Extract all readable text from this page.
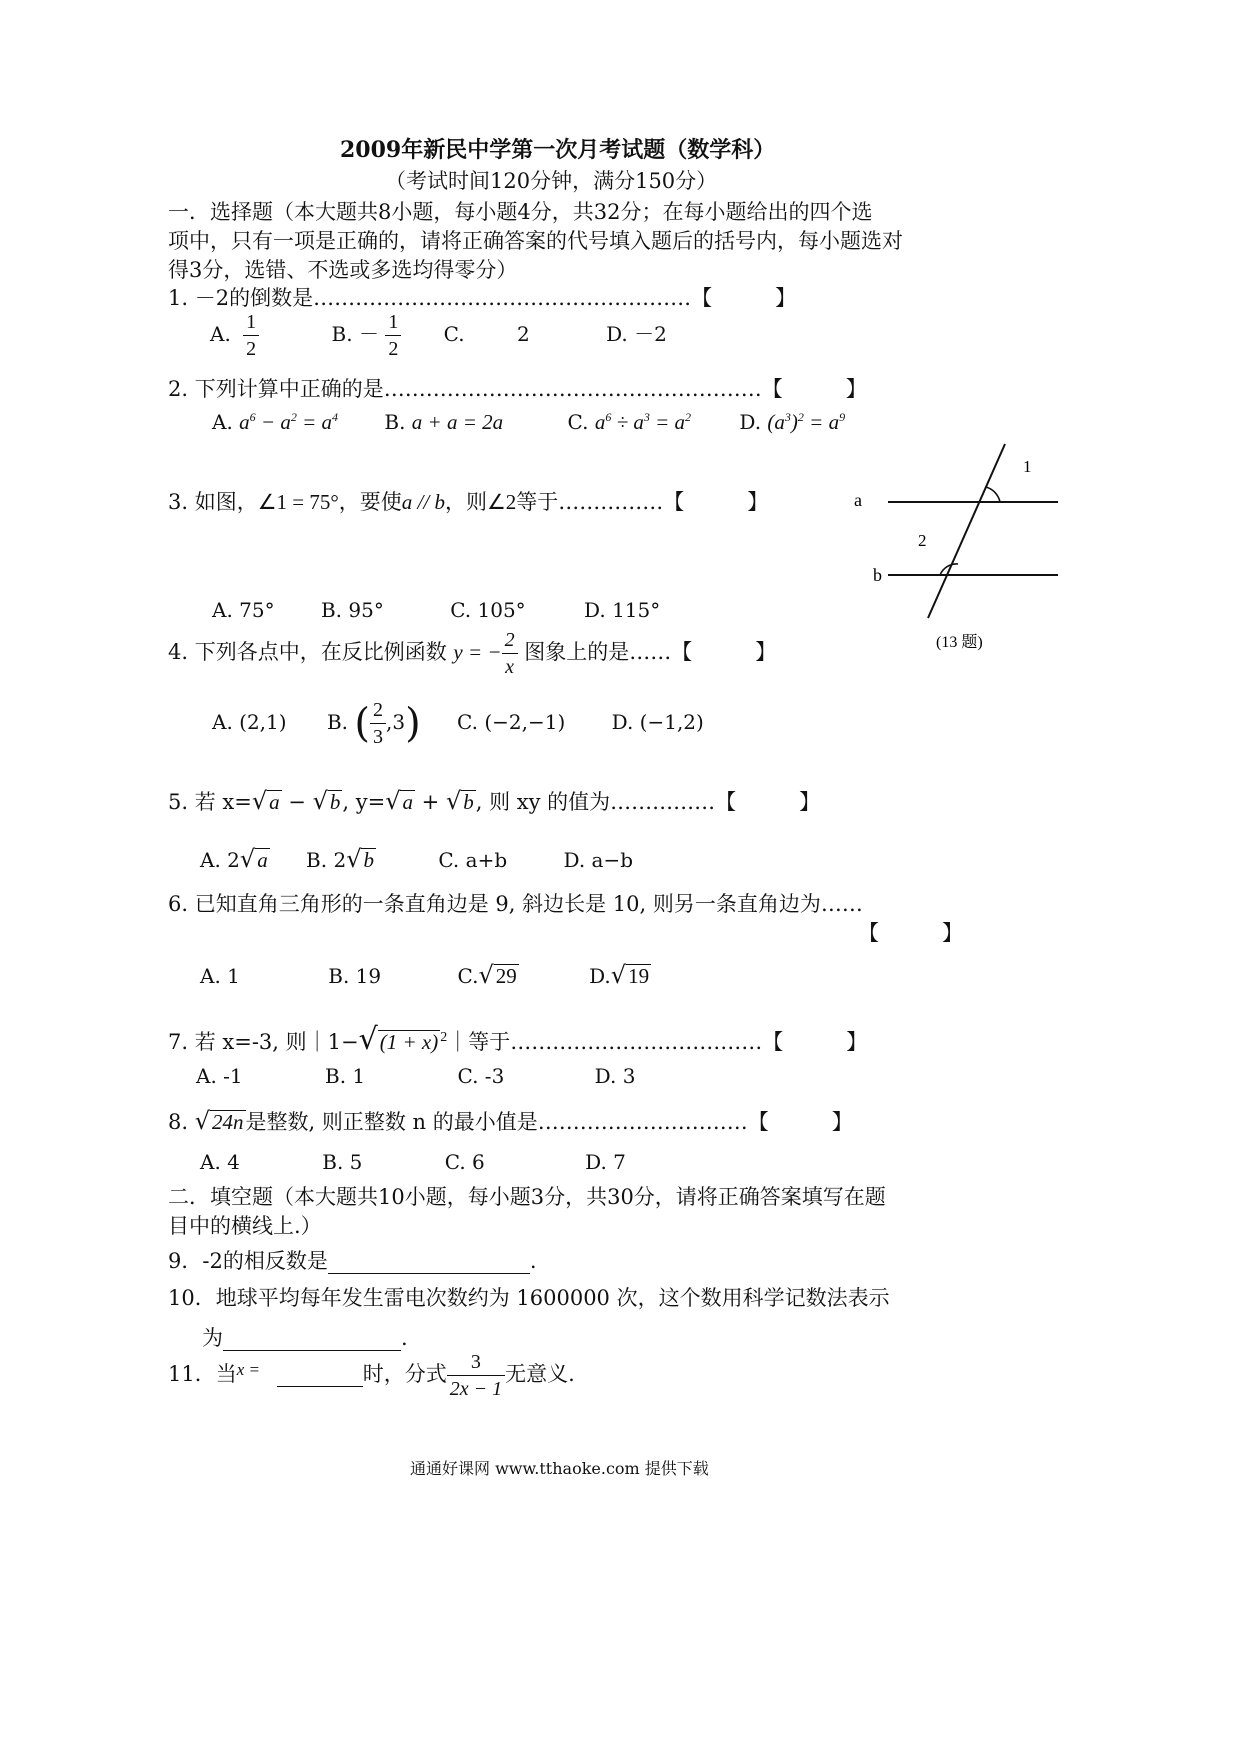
2009年新民中学第一次月考试题（数学科）
（考试时间120分钟，满分150分）
一．选择题（本大题共8小题，每小题4分，共32分；在每小题给出的四个选
项中，只有一项是正确的，请将正确答案的代号填入题后的括号内，每小题选对
得3分，选错、不选或多选均得零分）
1. －2的倒数是………………………………………………【　　　】
A. $\frac{1}{2}$	B. － $\frac{1}{2} C$.	2	D. －2
2. 下列计算中正确的是………………………………………………【　　　】
A. $a^6 - a^2 = a^4$ B. a + a = 2a	C. $a^6 \div a^3 = a^2$ D. $(a^3)^2 = a^9$
3. 如图，∠1 = 75°，要使a // b，则∠2等于……………【　　　】
A. 75° B. 95°	C. 105°	D. 115°
1
2
a
b
(13 题)
4. 下列各点中，在反比例函数 y = − $\frac{2}{x}$ 图象上的是……【　　　】
A. (2,1) B. ( $\frac{2}{3} ,3$) C. (−2,−1) D. (−1,2)
5. 若 x=√a − √b, y=√a + √b, 则 xy 的值为……………【　　　】
A. 2√a B. 2√b	C. a+b	D. a−b
6. 已知直角三角形的一条直角边是 9, 斜边长是 10, 则另一条直角边为……
【　　　】
A. 1	B. 19	C.√29	D.√19
7. 若 x=-3, 则｜1−√(1 + x) $^2$｜等于………………………………【　　　】
A. -1	B. 1	C. -3	D. 3
8. √24n是整数, 则正整数 n 的最小值是…………………………【　　　】
A. 4	B. 5	C. 6	D. 7
二．填空题（本大题共10小题，每小题3分，共30分，请将正确答案填写在题
目中的横线上.）
9．-2的相反数是	.
10．地球平均每年发生雷电次数约为 1600000 次，这个数用科学记数法表示
为	.
11．当$^{x =}$	时，分式 $\frac{3}{2x - 1}$ 无意义.
通通好课网 www.tthaoke.com 提供下载
